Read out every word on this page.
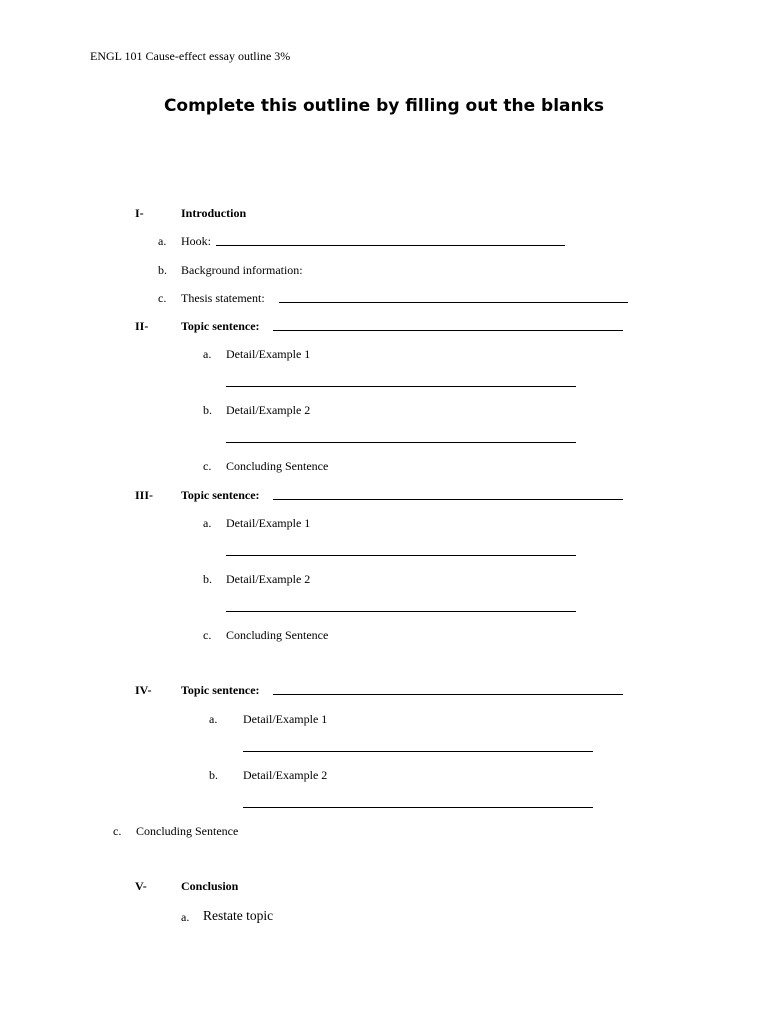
ENGL 101 Cause-effect essay outline 3%
Complete this outline by filling out the blanks
I-	Introduction
a. Hook:
b. Background information:
c. Thesis statement:
II-	Topic sentence:
a. Detail/Example 1
b. Detail/Example 2
c. Concluding Sentence
III- Topic sentence:
a. Detail/Example 1
b. Detail/Example 2
c. Concluding Sentence
IV- Topic sentence:
a. Detail/Example 1
b. Detail/Example 2
c. Concluding Sentence
V-	Conclusion
a. Restate topic
